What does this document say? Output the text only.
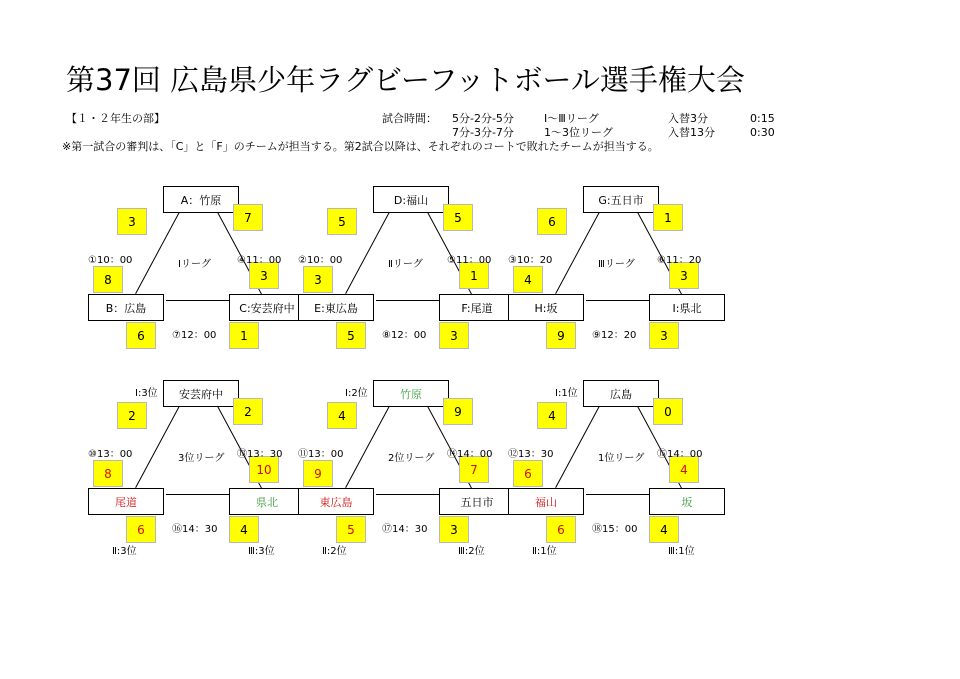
第37回 広島県少年ラグビーフットボール選手権大会
【１・２年生の部】	試合時間： 5分-2分-5分	Ⅰ～Ⅲリーグ	入替3分	0:15
7分-3分-7分	1～3位リーグ	入替13分	0:30
※第一試合の審判は、「C」と「F」のチームが担当する。第2試合以降は、それぞれのコートで敗れたチームが担当する。
A：竹原
B：広島	C:安芸府中
3	7
8	3
6	1
Ⅰリーグ
①10：00	④11：00
⑦12：00
D:福山
E:東広島	F:尾道
5	5
3	1
5	3
Ⅱリーグ
②10：00	⑤11：00
⑧12：00
G:五日市
H:坂	I:県北
6	1
4	3
9	3
Ⅲリーグ
③10：20	⑥11：20
⑨12：20
安芸府中
尾道	県北
2	2
8	10
6	4
3位リーグ
⑩13：00	⑬13：30
⑯14：30
Ⅰ:3位
Ⅱ:3位	Ⅲ:3位
竹原
東広島	五日市
4	9
9	7
5	3
2位リーグ
⑪13：00	⑭14：00
⑰14：30
Ⅰ:2位
Ⅱ:2位	Ⅲ:2位
広島
福山	坂
4	0
6	4
6	4
1位リーグ
⑫13：30	⑮14：00
⑱15：00
Ⅰ:1位
Ⅱ:1位	Ⅲ:1位
